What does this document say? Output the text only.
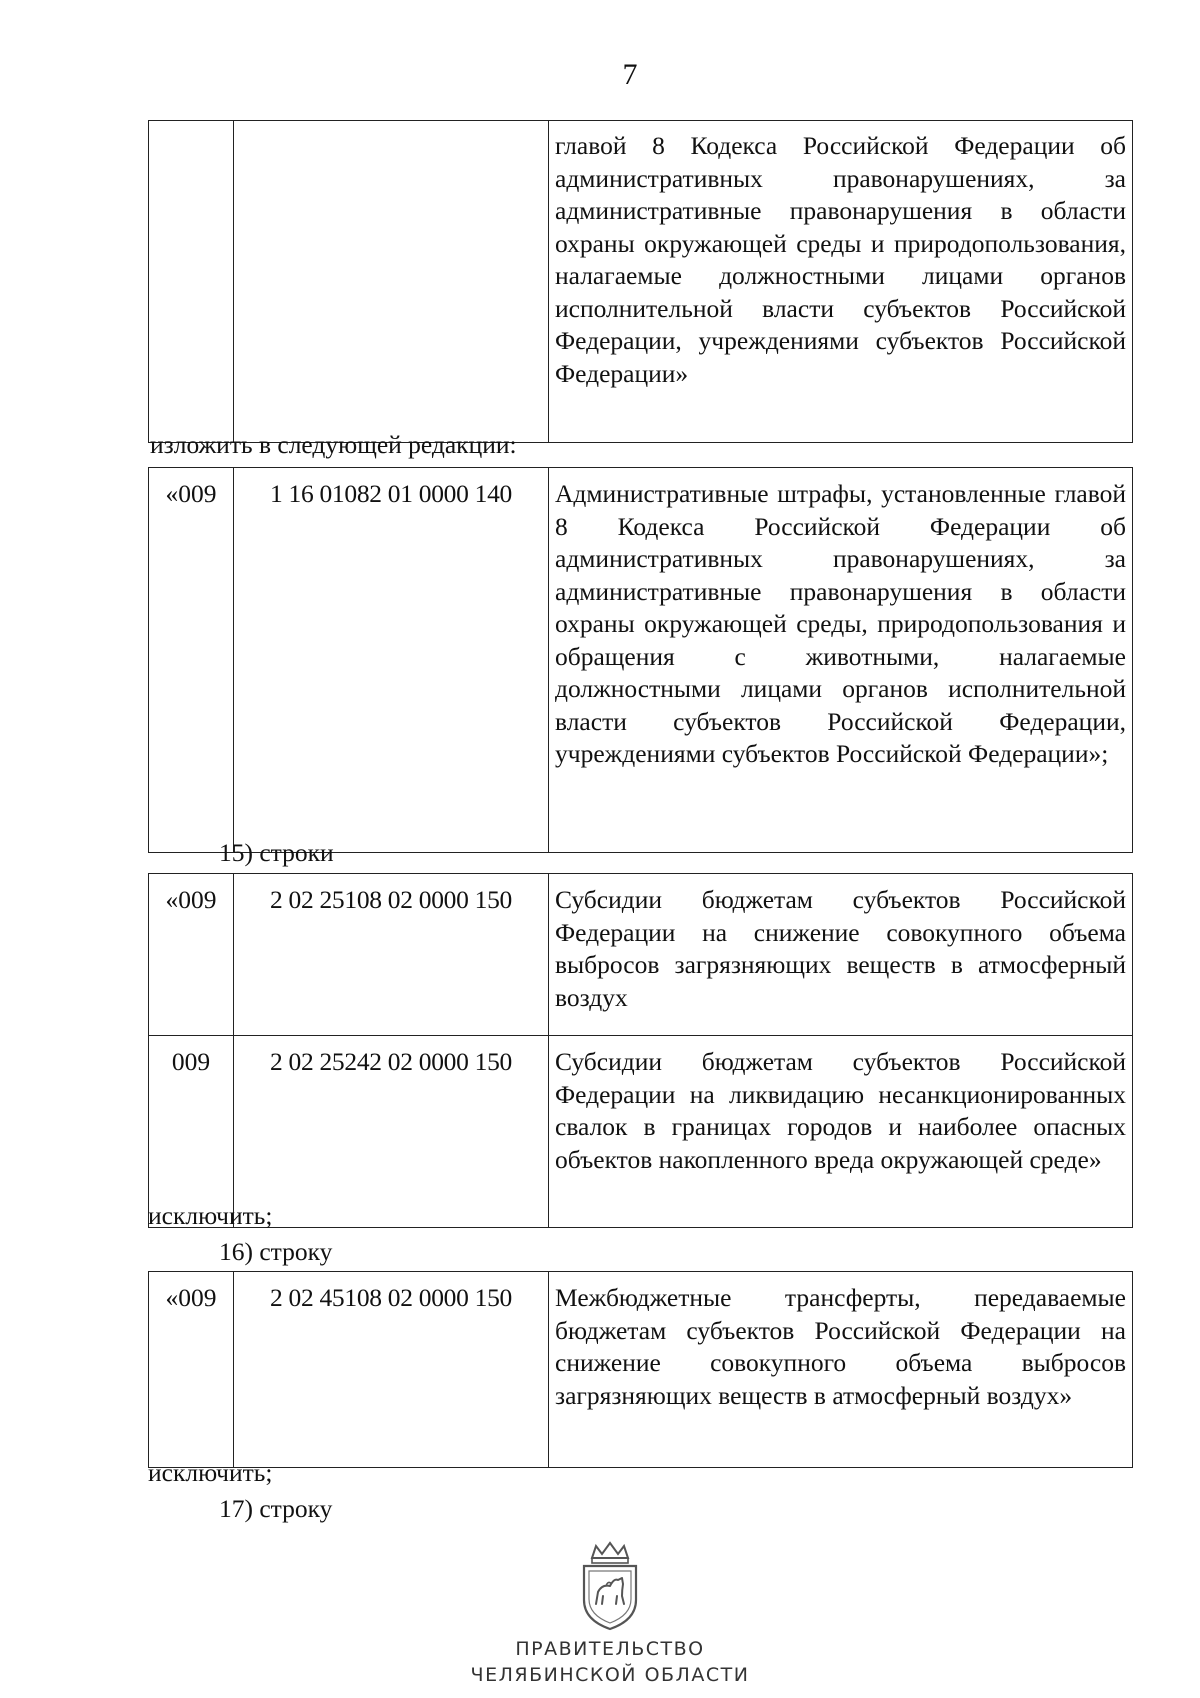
7
		главой 8 Кодекса Российской Федерации об административных правонарушениях, за административные правонарушения в области охраны окружающей среды и природопользования, налагаемые должностными лицами органов исполнительной власти субъектов Российской Федерации, учреждениями субъектов Российской Федерации»
изложить в следующей редакции:
«009	1 16 01082 01 0000 140	Административные штрафы, установленные главой 8 Кодекса Российской Федерации об административных правонарушениях, за административные правонарушения в области охраны окружающей среды, природопользования и обращения с животными, налагаемые должностными лицами органов исполнительной власти субъектов Российской Федерации, учреждениями субъектов Российской Федерации»;
15) строки
«009	2 02 25108 02 0000 150	Субсидии бюджетам субъектов Российской Федерации на снижение совокупного объема выбросов загрязняющих веществ в атмосферный воздух
009	2 02 25242 02 0000 150	Субсидии бюджетам субъектов Российской Федерации на ликвидацию несанкционированных свалок в границах городов и наиболее опасных объектов накопленного вреда окружающей среде»
исключить;
16) строку
«009	2 02 45108 02 0000 150	Межбюджетные трансферты, передаваемые бюджетам субъектов Российской Федерации на снижение совокупного объема выбросов загрязняющих веществ в атмосферный воздух»
исключить;
17) строку
ПРАВИТЕЛЬСТВО
ЧЕЛЯБИНСКОЙ ОБЛАСТИ
